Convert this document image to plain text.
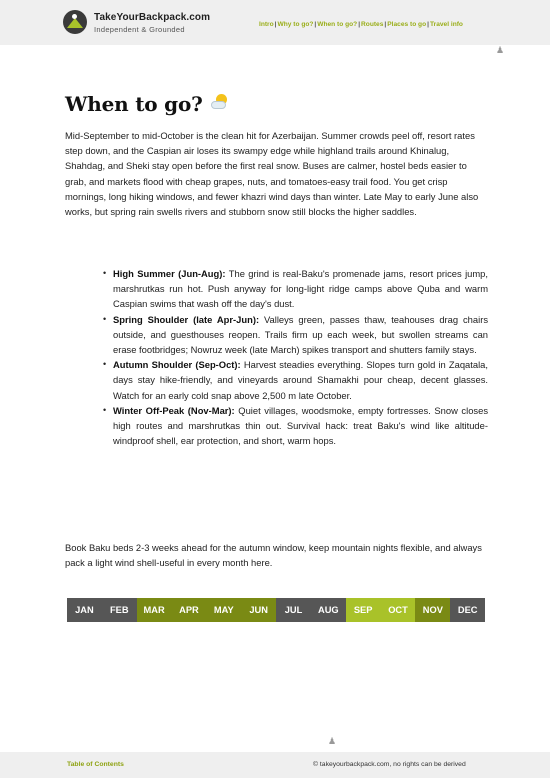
TakeYourBackpack.com
Independent & Grounded
Intro|Why to go?|When to go?|Routes|Places to go|Travel info
♟
When to go?

Mid-September to mid-October is the clean hit for Azerbaijan. Summer crowds peel off, resort rates step down, and the Caspian air loses its swampy edge while highland trails around Khinalug, Shahdag, and Sheki stay open before the first real snow. Buses are calmer, hostel beds easier to grab, and markets flood with cheap grapes, nuts, and tomatoes-easy trail food. You get crisp mornings, long hiking windows, and fewer khazri wind days than winter. Late May to early June also works, but spring rain swells rivers and stubborn snow still blocks the higher saddles.

• High Summer (Jun-Aug): The grind is real-Baku's promenade jams, resort prices jump, marshrutkas run hot. Push anyway for long-light ridge camps above Quba and warm Caspian swims that wash off the day's dust.
• Spring Shoulder (late Apr-Jun): Valleys green, passes thaw, teahouses drag chairs outside, and guesthouses reopen. Trails firm up each week, but swollen streams can erase footbridges; Nowruz week (late March) spikes transport and shutters family stays.
• Autumn Shoulder (Sep-Oct): Harvest steadies everything. Slopes turn gold in Zaqatala, days stay hike-friendly, and vineyards around Shamakhi pour cheap, decent glasses. Watch for an early cold snap above 2,500 m late October.
• Winter Off-Peak (Nov-Mar): Quiet villages, woodsmoke, empty fortresses. Snow closes high routes and marshrutkas thin out. Survival hack: treat Baku's wind like altitude-windproof shell, ear protection, and short, warm hops.

Book Baku beds 2-3 weeks ahead for the autumn window, keep mountain nights flexible, and always pack a light wind shell-useful in every month here.

JAN	FEB	MAR	APR	MAY	JUN	JUL	AUG	SEP	OCT	NOV	DEC
♟
Table of Contents	© takeyourbackpack.com, no rights can be derived
